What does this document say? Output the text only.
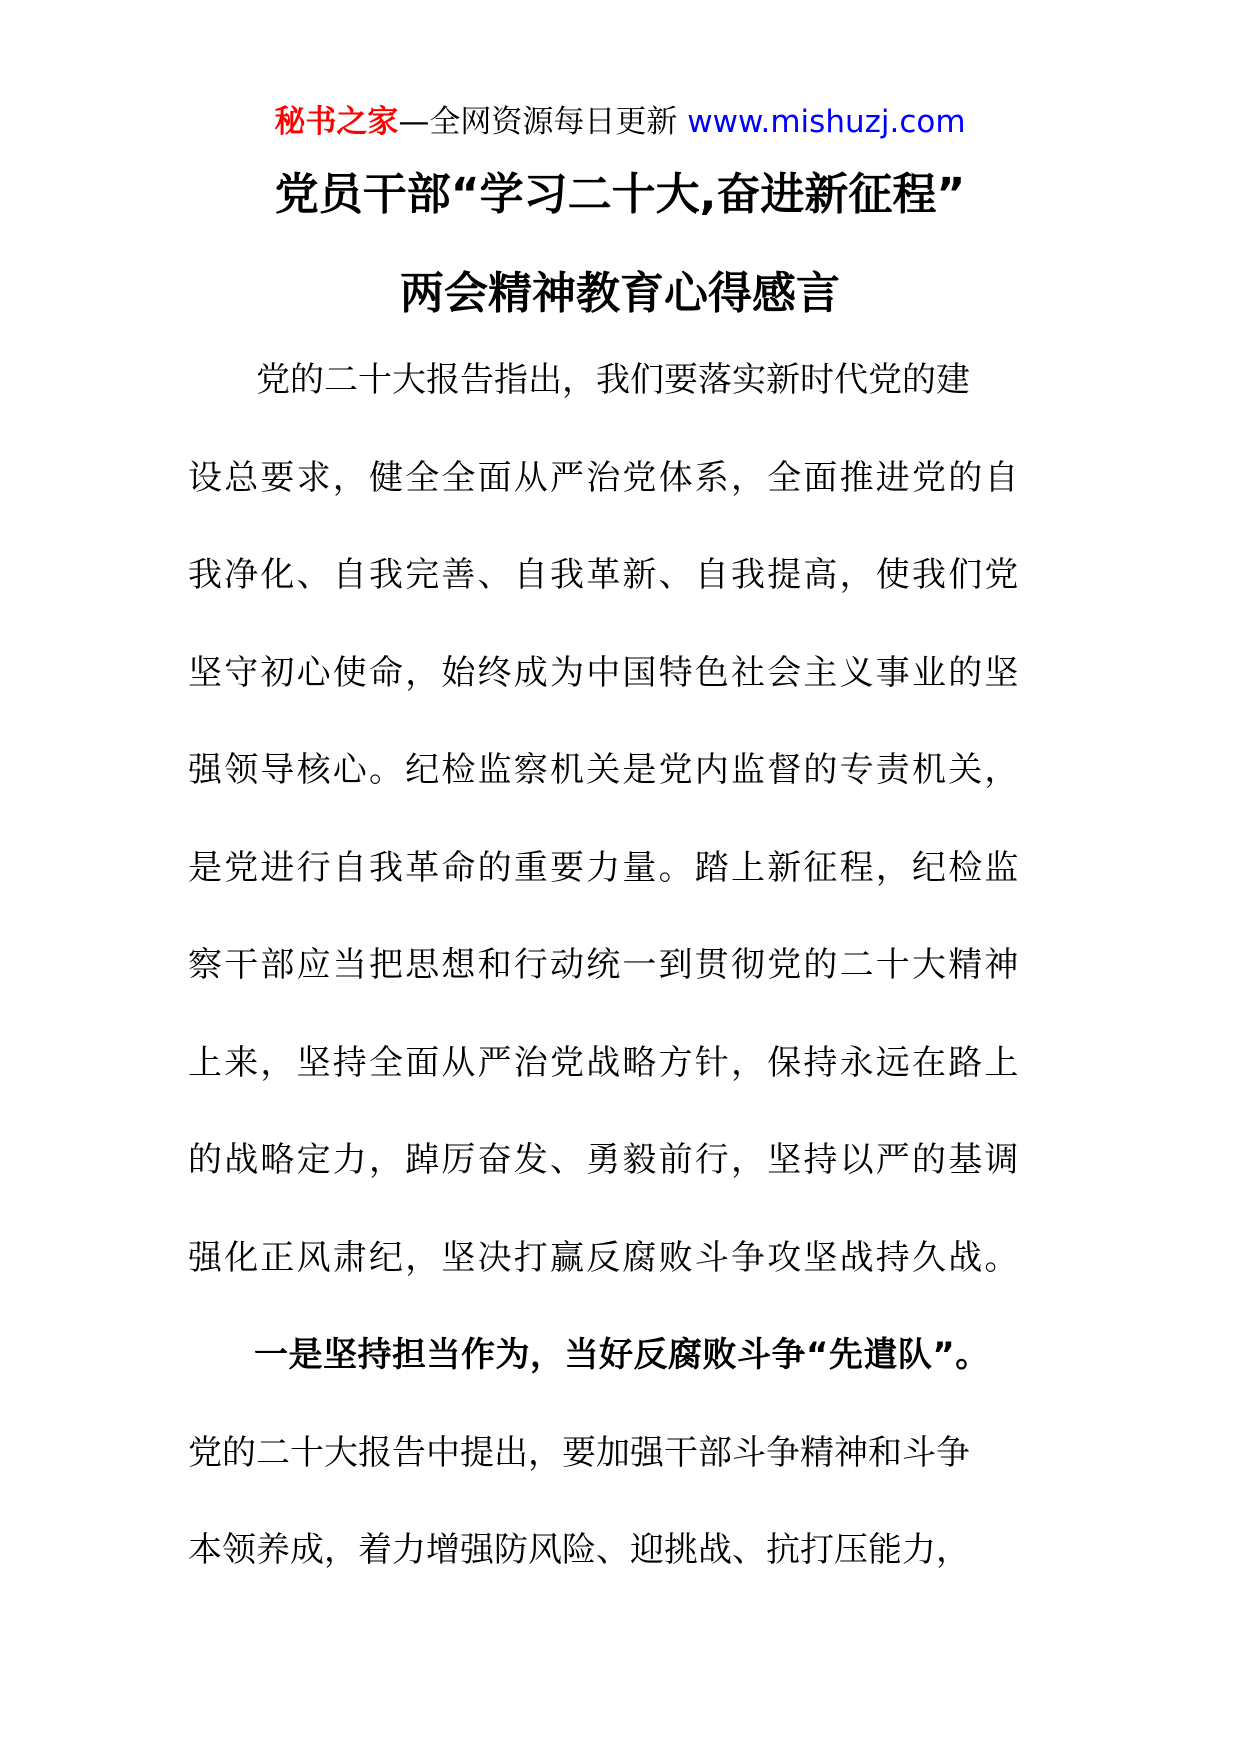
秘书之家—全网资源每日更新 www.mishuzj.com
党员干部“学习二十大,奋进新征程”
两会精神教育心得感言
党的二十大报告指出，我们要落实新时代党的建
设总要求，健全全面从严治党体系，全面推进党的自
我净化、自我完善、自我革新、自我提高，使我们党
坚守初心使命，始终成为中国特色社会主义事业的坚
强领导核心。纪检监察机关是党内监督的专责机关，
是党进行自我革命的重要力量。踏上新征程，纪检监
察干部应当把思想和行动统一到贯彻党的二十大精神
上来，坚持全面从严治党战略方针，保持永远在路上
的战略定力，踔厉奋发、勇毅前行，坚持以严的基调
强化正风肃纪，坚决打赢反腐败斗争攻坚战持久战。
一是坚持担当作为，当好反腐败斗争“先遣队”。
党的二十大报告中提出，要加强干部斗争精神和斗争
本领养成，着力增强防风险、迎挑战、抗打压能力，
